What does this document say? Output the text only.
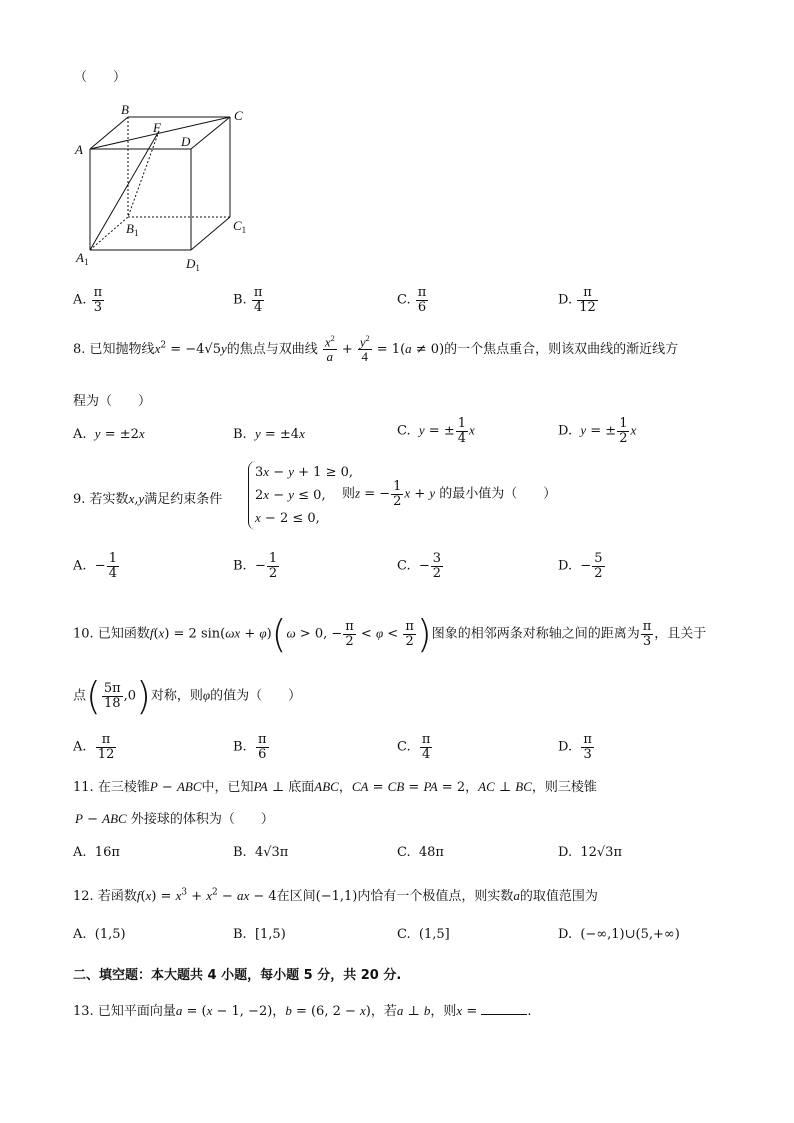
（　　）
B	C
F
A
D
$B_1$	$C_1$
$A_1$	$D_1$
A. $\frac{\pi}{3}$	B. $\frac{\pi}{4}$	C. $\frac{\pi}{6}$	D. $\frac{\pi}{12}$
8. 已知抛物线$x^2 = -4√5y$的焦点与双曲线 $\frac{x^2}{a} + \frac{y^2}{4} = 1(a \ne 0)$的一个焦点重合，则该双曲线的渐近线方
程为（　　）
A. y = ±2x	B. y = ±4x	C. y = ± $\frac{1}{4}$ x	D. y = ± $\frac{1}{2}$ x
9. 若实数x,y满足约束条件
3x − y + 1 ≥ 0,
2x − y ≤ 0,
x − 2 ≤ 0,
则z = − $\frac{1}{2}$ x + y 的最小值为（　　）
A.  − $\frac{1}{4}$	B.  − $\frac{1}{2}$	C.  − $\frac{3}{2}$	D.  − $\frac{5}{2}$
10. 已知函数f(x) = 2 sin(ωx + φ)(ω > 0, − $\frac{\pi}{2} < \varphi < \frac{\pi}{2}$ )图象的相邻两条对称轴之间的距离为 $\frac{\pi}{3}$ ，且关于
点( $\frac{5\pi}{18} ,0$)对称，则φ的值为（　　）
A. $\frac{\pi}{12}$	B. $\frac{\pi}{6}$	C. $\frac{\pi}{4}$	D. $\frac{\pi}{3}$
11. 在三棱锥P − ABC中，已知PA ⊥ 底面ABC，CA = CB = PA = 2，AC ⊥ BC，则三棱锥
P − ABC 外接球的体积为（　　）
A. 16π	B.  4√3π	C. 48π	D.  12√3π
12. 若函数$f(x) = x^3 + x^2$ − ax − 4在区间(−1,1)内恰有一个极值点，则实数a的取值范围为
A.  (1,5)	B.  [1,5)	C.  (1,5]	D.  (−∞,1)∪(5,+∞)
二、填空题：本大题共 4 小题，每小题 5 分，共 20 分.
13. 已知平面向量a = (x − 1, −2)，b = (6, 2 − x)，若a ⊥ b，则x =	.
